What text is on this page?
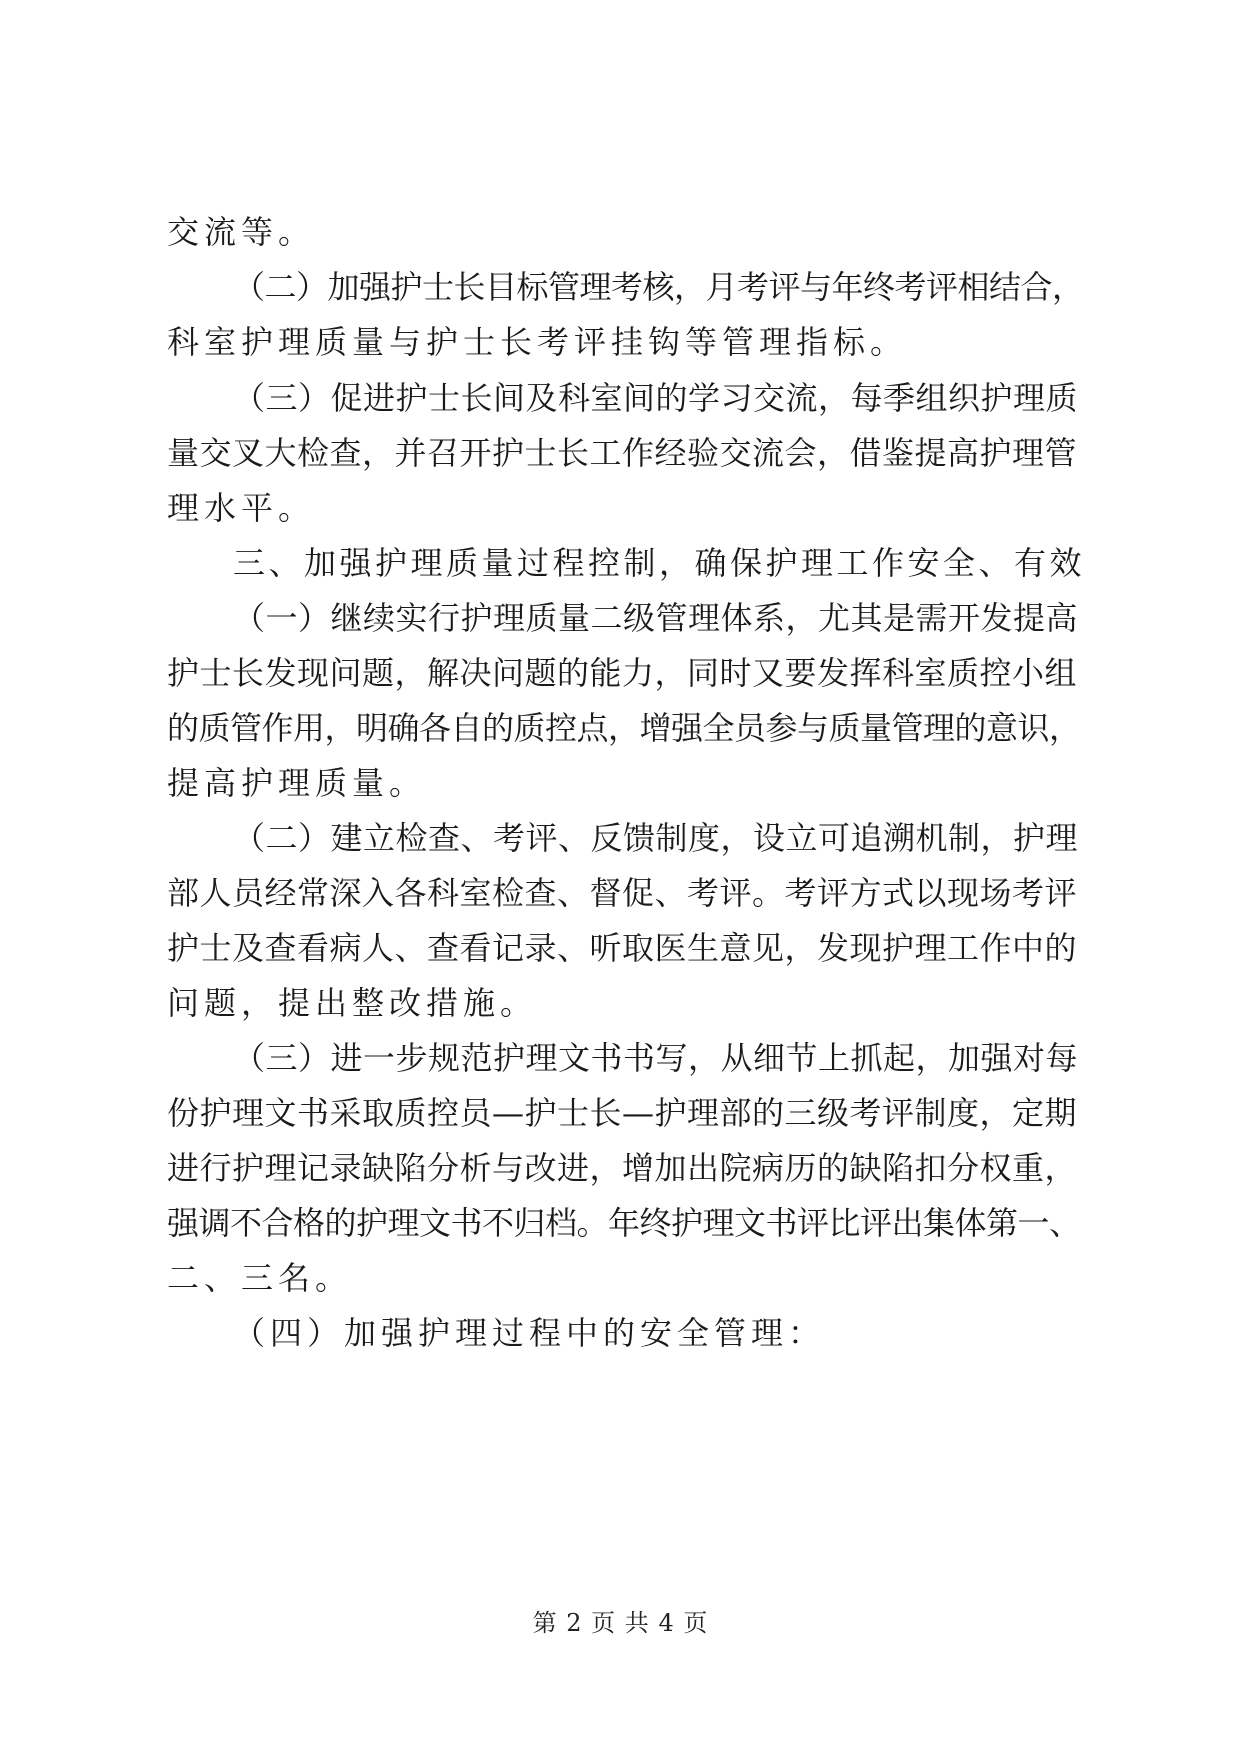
交流等。
（二）加强护士长目标管理考核，月考评与年终考评相结合，
科室护理质量与护士长考评挂钩等管理指标。
（三）促进护士长间及科室间的学习交流，每季组织护理质
量交叉大检查，并召开护士长工作经验交流会，借鉴提高护理管
理水平。
三、加强护理质量过程控制，确保护理工作安全、有效
（一）继续实行护理质量二级管理体系，尤其是需开发提高
护士长发现问题，解决问题的能力，同时又要发挥科室质控小组
的质管作用，明确各自的质控点，增强全员参与质量管理的意识，
提高护理质量。
（二）建立检查、考评、反馈制度，设立可追溯机制，护理
部人员经常深入各科室检查、督促、考评。考评方式以现场考评
护士及查看病人、查看记录、听取医生意见，发现护理工作中的
问题，提出整改措施。
（三）进一步规范护理文书书写，从细节上抓起，加强对每
份护理文书采取质控员—护士长—护理部的三级考评制度，定期
进行护理记录缺陷分析与改进，增加出院病历的缺陷扣分权重，
强调不合格的护理文书不归档。年终护理文书评比评出集体第一、
二、三名。
（四）加强护理过程中的安全管理：
第 2 页 共 4 页
